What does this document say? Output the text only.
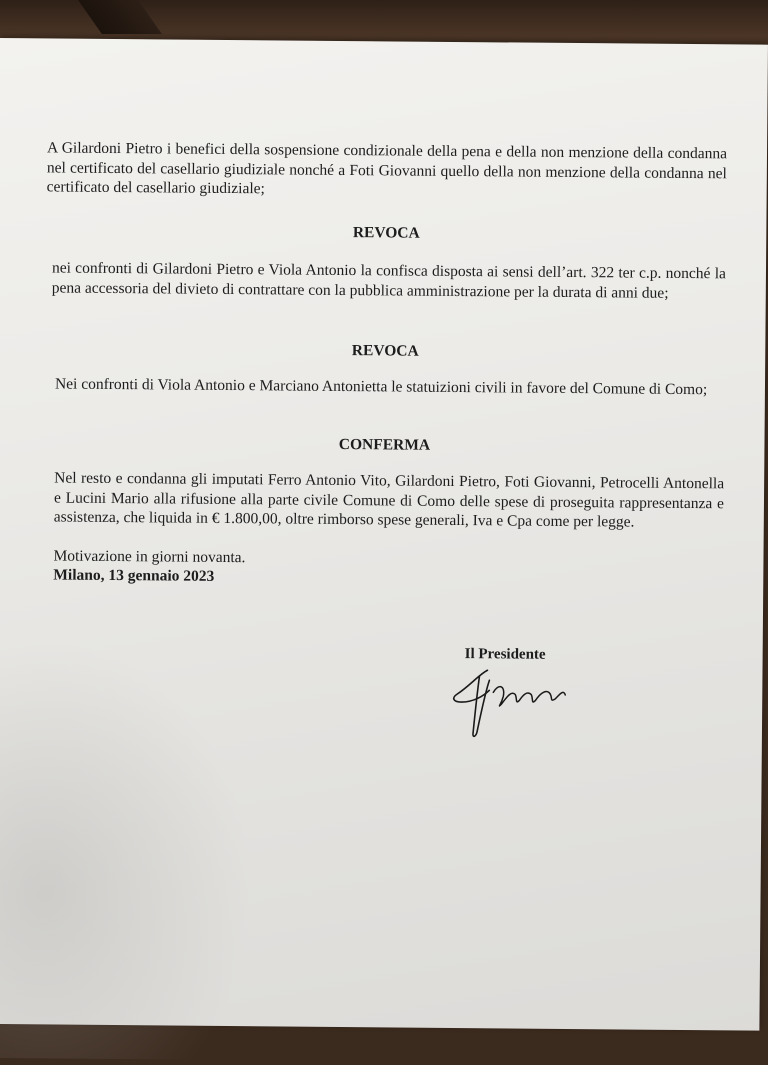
A Gilardoni Pietro i benefici della sospensione condizionale della pena e della non menzione della condanna nel certificato del casellario giudiziale nonché a Foti Giovanni quello della non menzione della condanna nel certificato del casellario giudiziale;

REVOCA

nei confronti di Gilardoni Pietro e Viola Antonio la confisca disposta ai sensi dell’art. 322 ter c.p. nonché la pena accessoria del divieto di contrattare con la pubblica amministrazione per la durata di anni due;

REVOCA

Nei confronti di Viola Antonio e Marciano Antonietta le statuizioni civili in favore del Comune di Como;

CONFERMA

Nel resto e condanna gli imputati Ferro Antonio Vito, Gilardoni Pietro, Foti Giovanni, Petrocelli Antonella e Lucini Mario alla rifusione alla parte civile Comune di Como delle spese di proseguita rappresentanza e assistenza, che liquida in € 1.800,00, oltre rimborso spese generali, Iva e Cpa come per legge.

Motivazione in giorni novanta.

Milano, 13 gennaio 2023

Il Presidente
